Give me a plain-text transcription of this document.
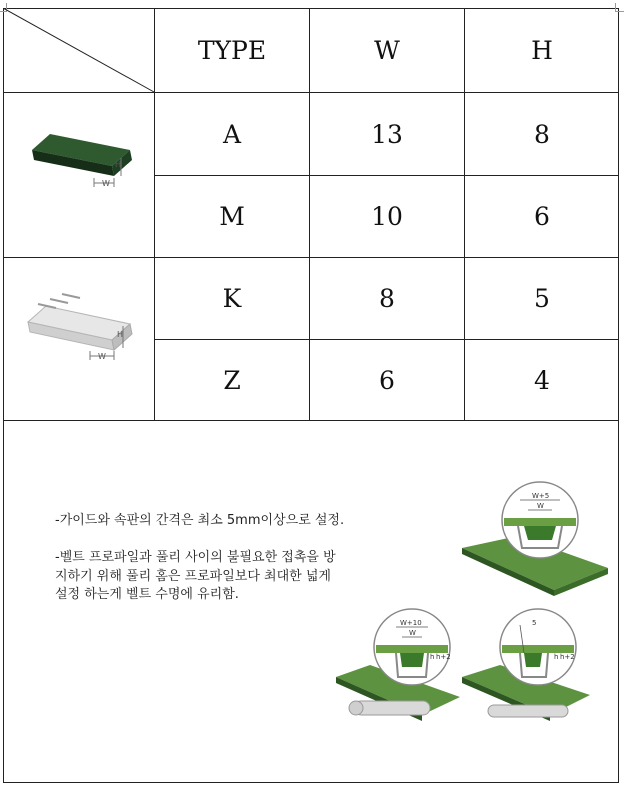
TYPE	W	H
A	13	8
M	10	6
K	8	5
Z	6	4
W
H
W
H
-가이드와 속판의 간격은 최소 5mm이상으로 설정.
-벨트 프로파일과 풀리 사이의 불필요한 접촉을 방
지하기 위해 풀리 홈은 프로파일보다 최대한 넓게
설정 하는게 벨트 수명에 유리함.
W+5
W
W+10
W
h h+2
5
h h+2
